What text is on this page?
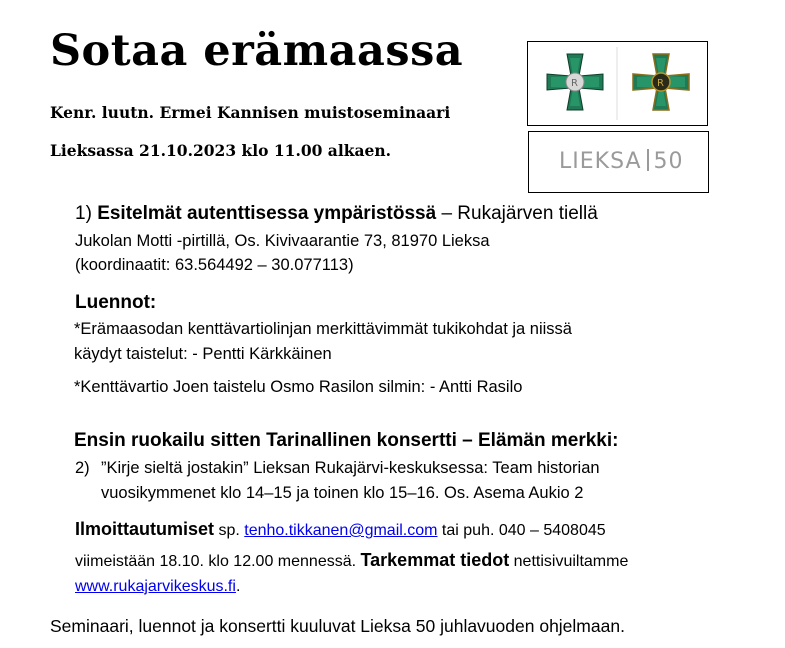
Sotaa erämaassa
Kenr. luutn. Ermei Kannisen muistoseminaari
Lieksassa 21.10.2023 klo 11.00 alkaen.
R	R
LIEKSA 50
1) Esitelmät autenttisessa ympäristössä – Rukajärven tiellä
Jukolan Motti -pirtillä, Os. Kivivaarantie 73, 81970 Lieksa
(koordinaatit: 63.564492 – 30.077113)
Luennot:
*Erämaasodan kenttävartiolinjan merkittävimmät tukikohdat ja niissä
käydyt taistelut: - Pentti Kärkkäinen
*Kenttävartio Joen taistelu Osmo Rasilon silmin: - Antti Rasilo
Ensin ruokailu sitten Tarinallinen konsertti – Elämän merkki:
2) ”Kirje sieltä jostakin” Lieksan Rukajärvi-keskuksessa: Team historian
vuosikymmenet klo 14–15 ja toinen klo 15–16. Os. Asema Aukio 2
Ilmoittautumiset sp. tenho.tikkanen@gmail.com tai puh. 040 – 5408045
viimeistään 18.10. klo 12.00 mennessä. Tarkemmat tiedot nettisivuiltamme
www.rukajarvikeskus.fi.
Seminaari, luennot ja konsertti kuuluvat Lieksa 50 juhlavuoden ohjelmaan.
